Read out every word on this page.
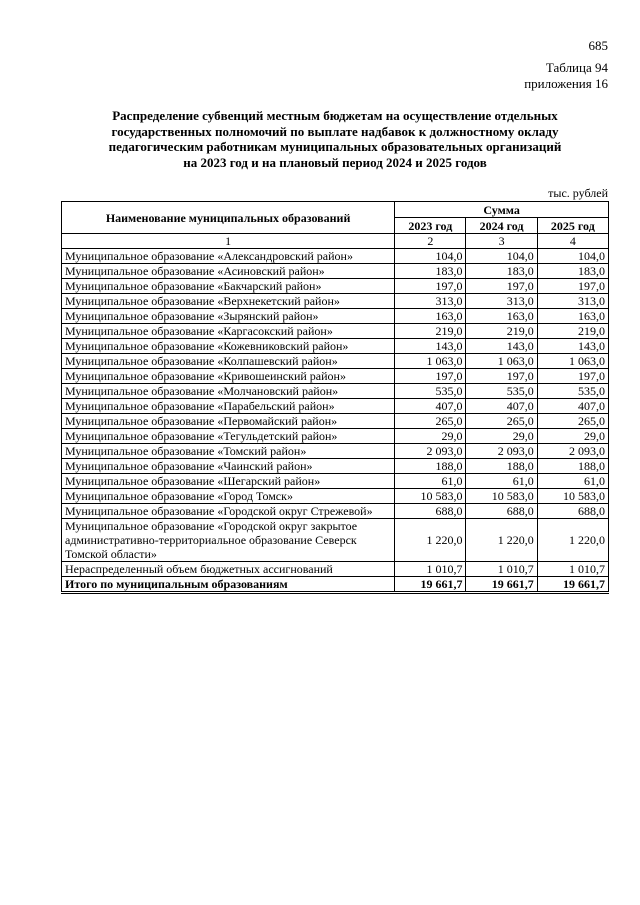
685
Таблица 94
приложения 16
Распределение субвенций местным бюджетам на осуществление отдельных
государственных полномочий по выплате надбавок к должностному окладу
педагогическим работникам муниципальных образовательных организаций
на 2023 год и на плановый период 2024 и 2025 годов
тыс. рублей
Наименование муниципальных образований	Сумма		
	2023 год	2024 год	2025 год
1	2	3	4
Муниципальное образование «Александровский район»	104,0	104,0	104,0
Муниципальное образование «Асиновский район»	183,0	183,0	183,0
Муниципальное образование «Бакчарский район»	197,0	197,0	197,0
Муниципальное образование «Верхнекетский район»	313,0	313,0	313,0
Муниципальное образование «Зырянский район»	163,0	163,0	163,0
Муниципальное образование «Каргасокский район»	219,0	219,0	219,0
Муниципальное образование «Кожевниковский район»	143,0	143,0	143,0
Муниципальное образование «Колпашевский район»	1 063,0	1 063,0	1 063,0
Муниципальное образование «Кривошеинский район»	197,0	197,0	197,0
Муниципальное образование «Молчановский район»	535,0	535,0	535,0
Муниципальное образование «Парабельский район»	407,0	407,0	407,0
Муниципальное образование «Первомайский район»	265,0	265,0	265,0
Муниципальное образование «Тегульдетский район»	29,0	29,0	29,0
Муниципальное образование «Томский район»	2 093,0	2 093,0	2 093,0
Муниципальное образование «Чаинский район»	188,0	188,0	188,0
Муниципальное образование «Шегарский район»	61,0	61,0	61,0
Муниципальное образование «Город Томск»	10 583,0	10 583,0	10 583,0
Муниципальное образование «Городской округ Стрежевой»	688,0	688,0	688,0
Муниципальное образование «Городской округ закрытое административно-территориальное образование Северск Томской области»	1 220,0	1 220,0	1 220,0
Нераспределенный объем бюджетных ассигнований	1 010,7	1 010,7	1 010,7
Итого по муниципальным образованиям	19 661,7	19 661,7	19 661,7
